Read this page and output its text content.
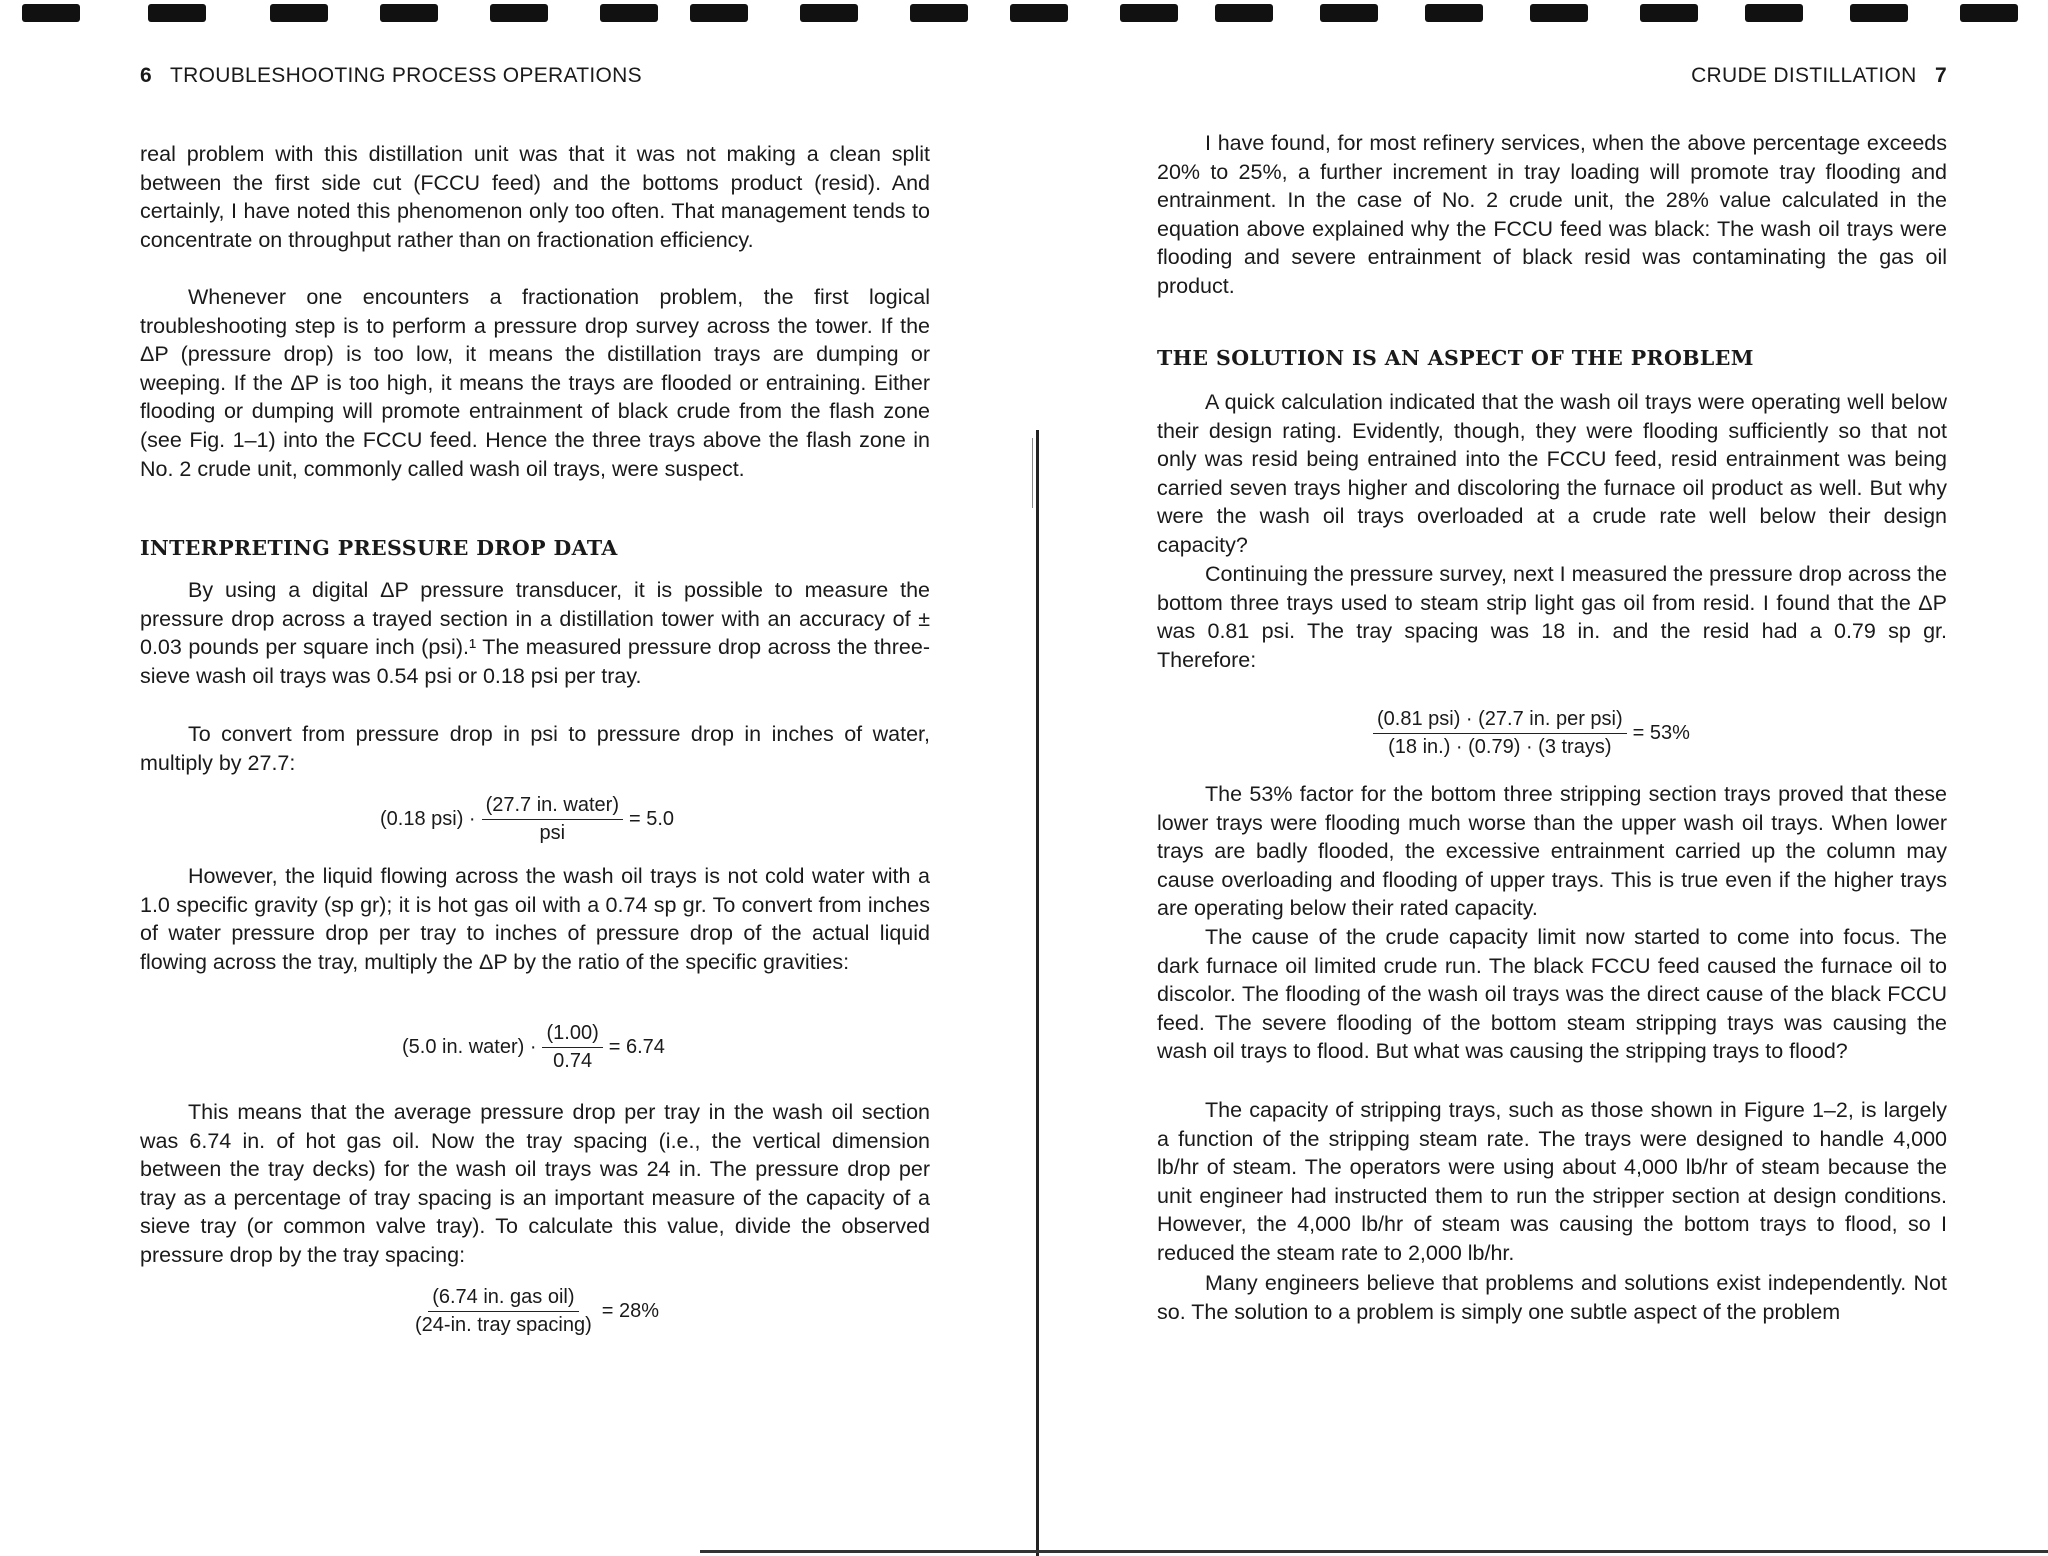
6 TROUBLESHOOTING PROCESS OPERATIONS

real problem with this distillation unit was that it was not making a clean split between the first side cut (FCCU feed) and the bottoms product (resid). And certainly, I have noted this phenomenon only too often. That management tends to concentrate on throughput rather than on fractionation efficiency.

Whenever one encounters a fractionation problem, the first logical troubleshooting step is to perform a pressure drop survey across the tower. If the ΔP (pressure drop) is too low, it means the distillation trays are dumping or weeping. If the ΔP is too high, it means the trays are flooded or entraining. Either flooding or dumping will promote entrainment of black crude from the flash zone (see Fig. 1–1) into the FCCU feed. Hence the three trays above the flash zone in No. 2 crude unit, commonly called wash oil trays, were suspect.

INTERPRETING PRESSURE DROP DATA

By using a digital ΔP pressure transducer, it is possible to measure the pressure drop across a trayed section in a distillation tower with an accuracy of ± 0.03 pounds per square inch (psi).¹ The measured pressure drop across the three-sieve wash oil trays was 0.54 psi or 0.18 psi per tray.

To convert from pressure drop in psi to pressure drop in inches of water, multiply by 27.7:

(0.18 $psi) \cdot \frac{\text{(27.7 in. water)}}{\text{psi}} = 5.0$

However, the liquid flowing across the wash oil trays is not cold water with a 1.0 specific gravity (sp gr); it is hot gas oil with a 0.74 sp gr. To convert from inches of water pressure drop per tray to inches of pressure drop of the actual liquid flowing across the tray, multiply the ΔP by the ratio of the specific gravities:

(5.0 in. water) · $\frac{(1.00)}{0.74} = 6.74$

This means that the average pressure drop per tray in the wash oil section was 6.74 in. of hot gas oil. Now the tray spacing (i.e., the vertical dimension between the tray decks) for the wash oil trays was 24 in. The pressure drop per tray as a percentage of tray spacing is an important measure of the capacity of a sieve tray (or common valve tray). To calculate this value, divide the observed pressure drop by the tray spacing:

$\frac{\text{(6.74 in. gas oil)}}{\text{(24-in. tray spacing)}} = 28\%$
CRUDE DISTILLATION 7

I have found, for most refinery services, when the above percentage exceeds 20% to 25%, a further increment in tray loading will promote tray flooding and entrainment. In the case of No. 2 crude unit, the 28% value calculated in the equation above explained why the FCCU feed was black: The wash oil trays were flooding and severe entrainment of black resid was contaminating the gas oil product.

THE SOLUTION IS AN ASPECT OF THE PROBLEM

A quick calculation indicated that the wash oil trays were operating well below their design rating. Evidently, though, they were flooding sufficiently so that not only was resid being entrained into the FCCU feed, resid entrainment was being carried seven trays higher and discoloring the furnace oil product as well. But why were the wash oil trays overloaded at a crude rate well below their design capacity?

Continuing the pressure survey, next I measured the pressure drop across the bottom three trays used to steam strip light gas oil from resid. I found that the ΔP was 0.81 psi. The tray spacing was 18 in. and the resid had a 0.79 sp gr. Therefore:

$\frac{\text{(0.81 psi) · (27.7 in. per psi)}}{\text{(18 in.) · (0.79) · (3 trays)}} = 53\%$

The 53% factor for the bottom three stripping section trays proved that these lower trays were flooding much worse than the upper wash oil trays. When lower trays are badly flooded, the excessive entrainment carried up the column may cause overloading and flooding of upper trays. This is true even if the higher trays are operating below their rated capacity.

The cause of the crude capacity limit now started to come into focus. The dark furnace oil limited crude run. The black FCCU feed caused the furnace oil to discolor. The flooding of the wash oil trays was the direct cause of the black FCCU feed. The severe flooding of the bottom steam stripping trays was causing the wash oil trays to flood. But what was causing the stripping trays to flood?

The capacity of stripping trays, such as those shown in Figure 1–2, is largely a function of the stripping steam rate. The trays were designed to handle 4,000 lb/hr of steam. The operators were using about 4,000 lb/hr of steam because the unit engineer had instructed them to run the stripper section at design conditions. However, the 4,000 lb/hr of steam was causing the bottom trays to flood, so I reduced the steam rate to 2,000 lb/hr.

Many engineers believe that problems and solutions exist independently. Not so. The solution to a problem is simply one subtle aspect of the problem
